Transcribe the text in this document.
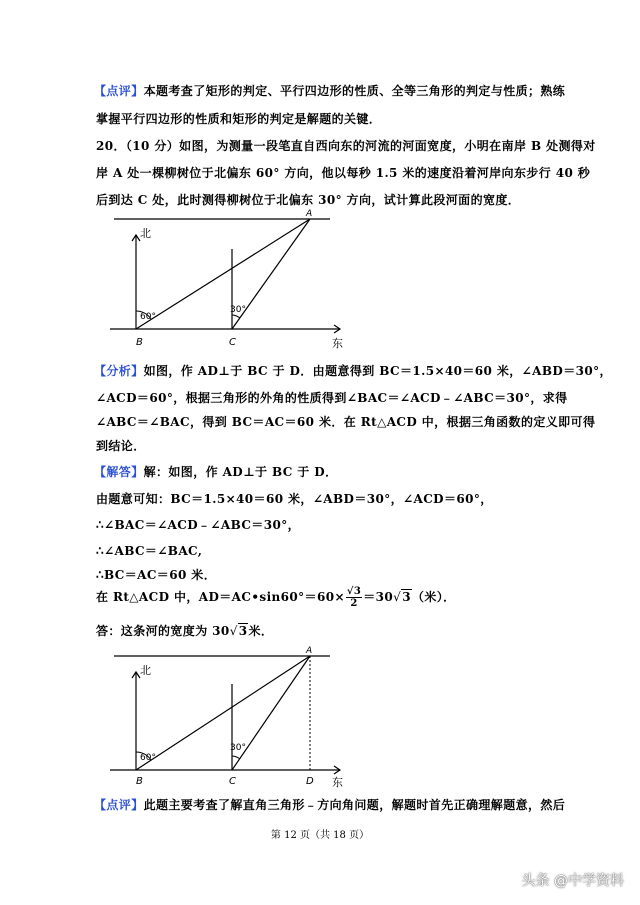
【点评】本题考查了矩形的判定、平行四边形的性质、全等三角形的判定与性质；熟练
掌握平行四边形的性质和矩形的判定是解题的关键．
20．（10 分）如图，为测量一段笔直自西向东的河流的河面宽度，小明在南岸 B 处测得对
岸 A 处一棵柳树位于北偏东 60° 方向，他以每秒 1.5 米的速度沿着河岸向东步行 40 秒
后到达 C 处，此时测得柳树位于北偏东 30° 方向，试计算此段河面的宽度．
北
东
A
B	C
60°
30°
【分析】如图，作 AD⊥于 BC 于 D．由题意得到 BC＝1.5×40＝60 米，∠ABD＝30°，
∠ACD＝60°，根据三角形的外角的性质得到∠BAC＝∠ACD﹣∠ABC＝30°，求得
∠ABC＝∠BAC，得到 BC＝AC＝60 米．在 Rt△ACD 中，根据三角函数的定义即可得
到结论．
【解答】解：如图，作 AD⊥于 BC 于 D．
由题意可知：BC＝1.5×40＝60 米，∠ABD＝30°，∠ACD＝60°，
∴∠BAC＝∠ACD﹣∠ABC＝30°，
∴∠ABC＝∠BAC,
∴BC＝AC＝60 米．
在 Rt△ACD 中，AD＝AC•sin60°＝60× $\frac{√3}{2} =30√3$（米）．
答：这条河的宽度为 30√3米．
北
东
A
B	C	D
60°
30°
【点评】此题主要考查了解直角三角形﹣方向角问题，解题时首先正确理解题意，然后
第 12 页（共 18 页）
头条 @中学资料
